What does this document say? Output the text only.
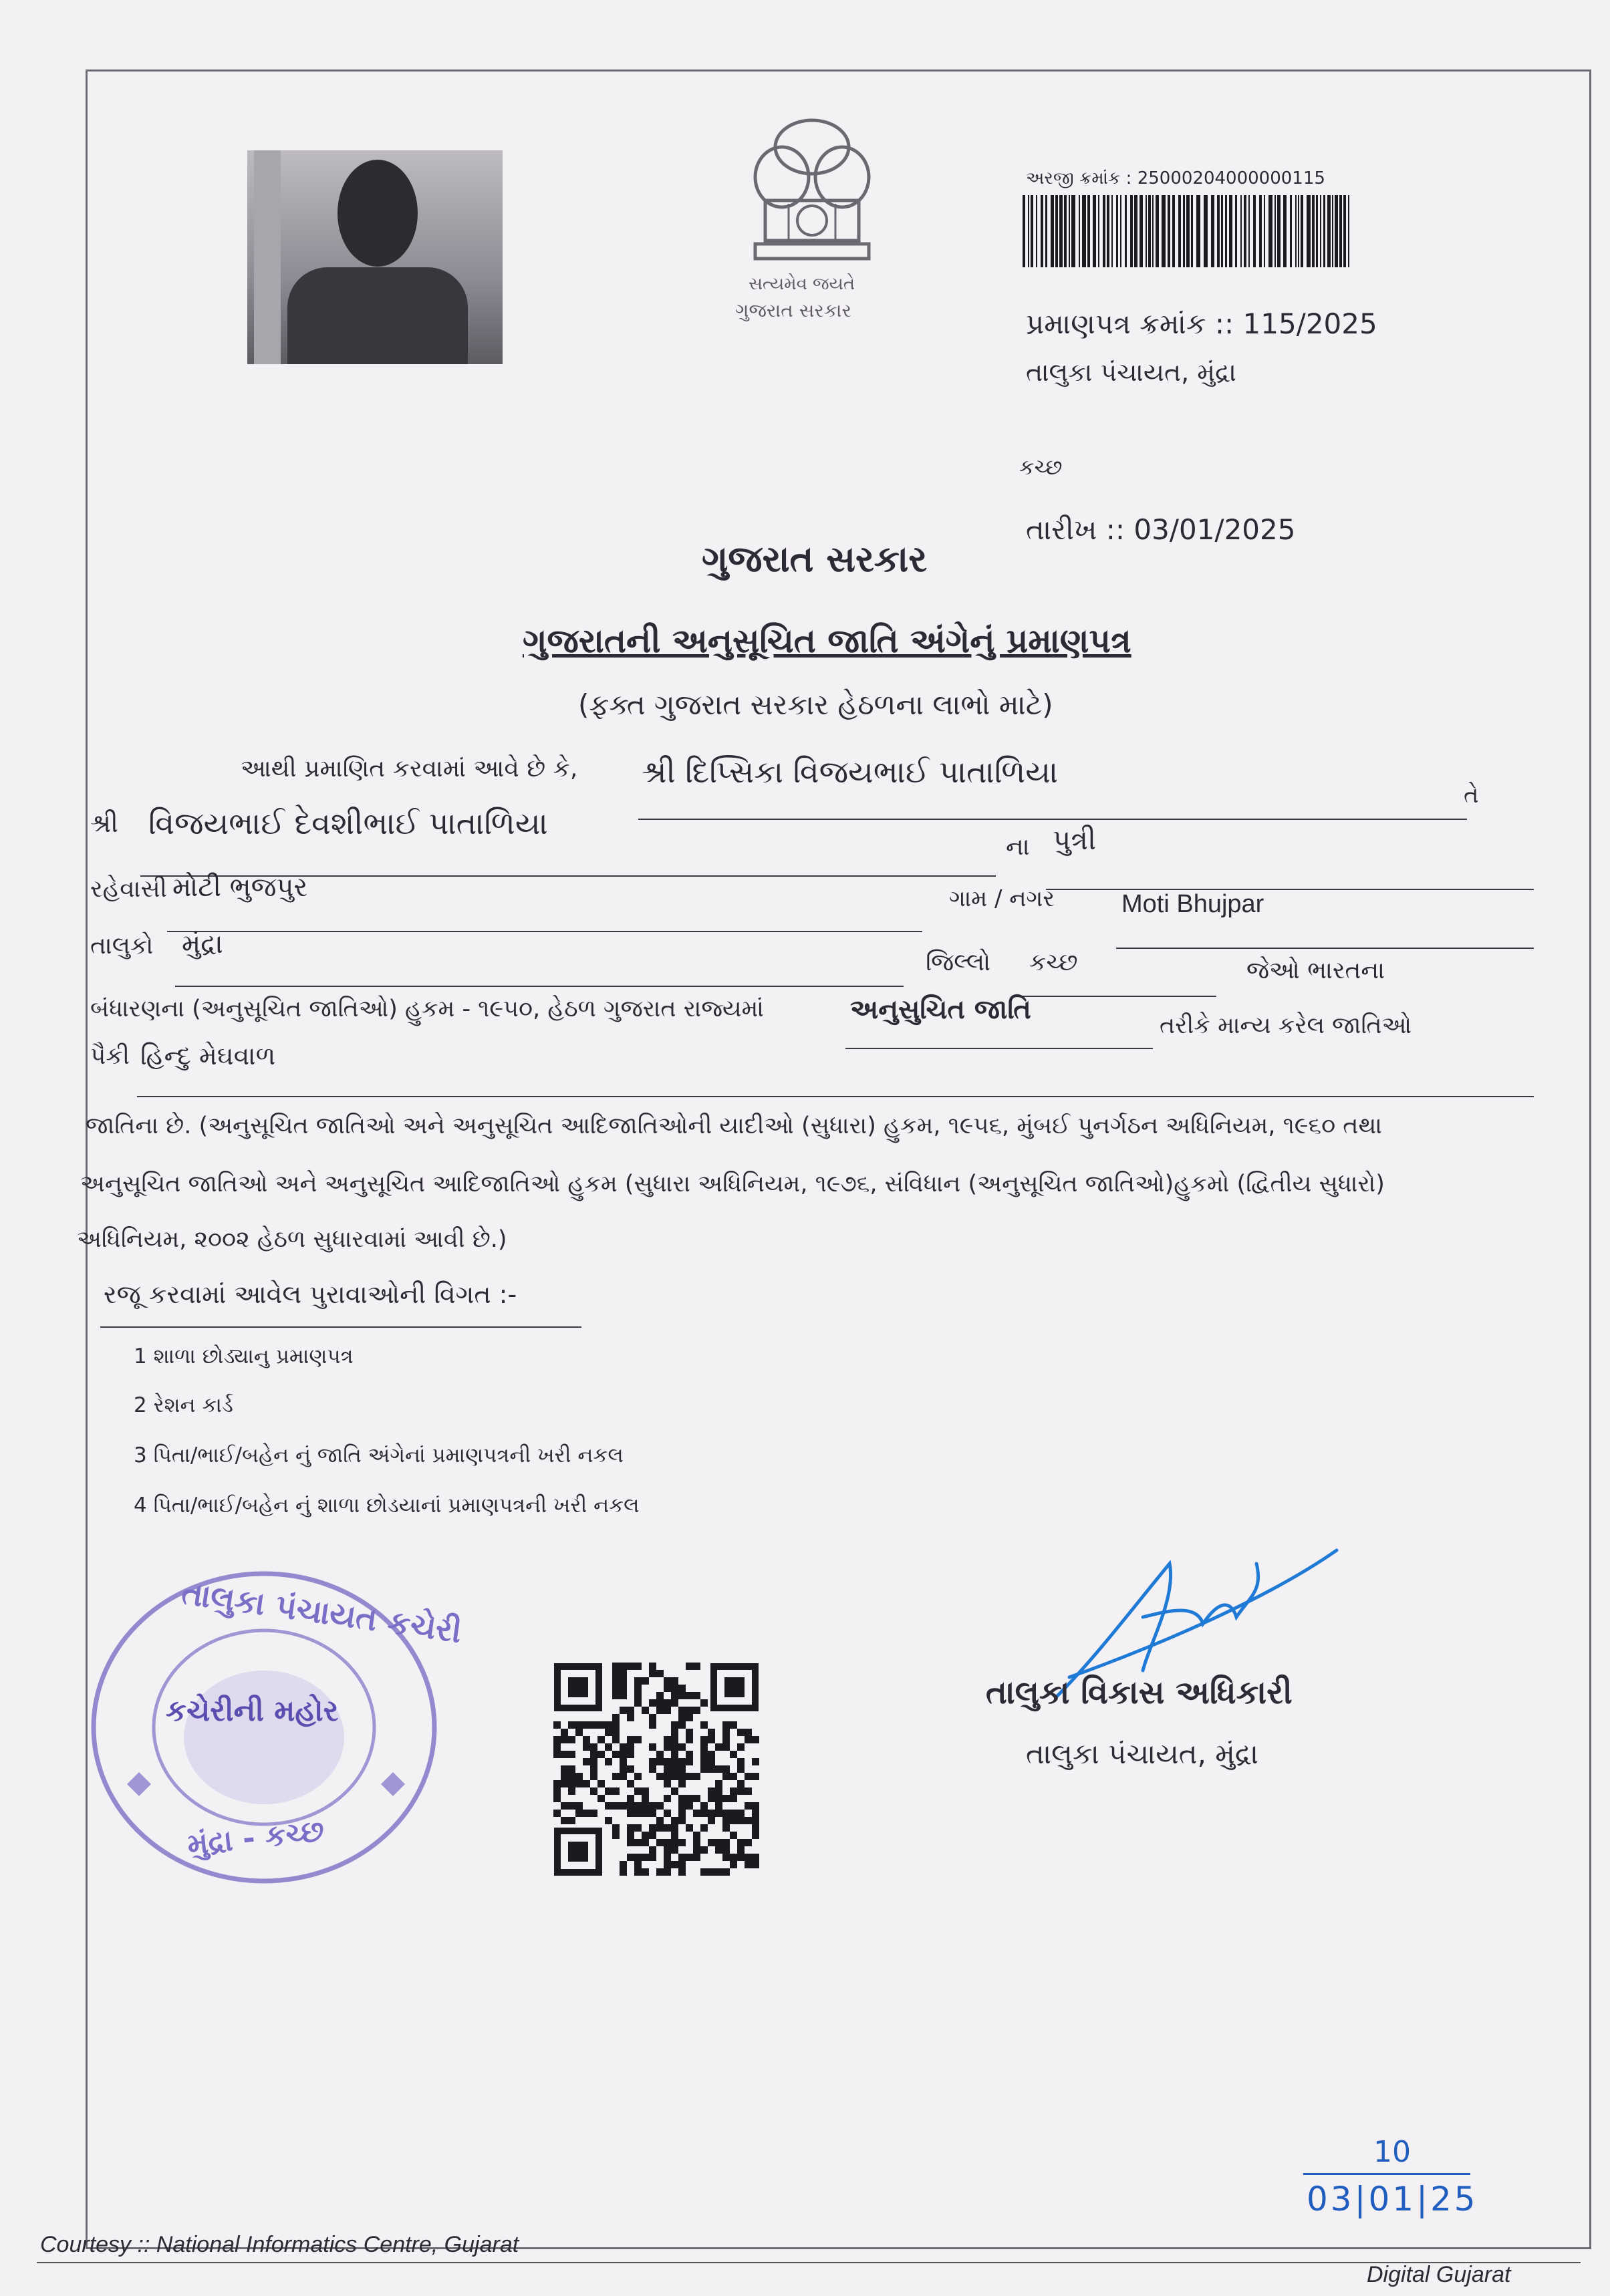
સત્યમેવ જયતે
ગુજરાત સરકાર
અરજી ક્રમાંક : 25000204000000115
પ્રમાણપત્ર ક્રમાંક :: 115/2025
તાલુકા પંચાયત, મુંદ્રા
કચ્છ
તારીખ :: 03/01/2025
ગુજરાત સરકાર
ગુજરાતની અનુસૂચિત જાતિ અંગેનું પ્રમાણપત્ર
(ફક્ત ગુજરાત સરકાર હેઠળના લાભો માટે)
આથી પ્રમાણિત કરવામાં આવે છે કે, શ્રી દિપ્સિકા વિજયભાઈ પાતાળિયા
તે
શ્રી વિજયભાઈ દેવશીભાઈ પાતાળિયા
ના પુત્રી
રહેવાસી મોટી ભુજપુર	ગામ / નગર	Moti Bhujpar
તાલુકો મુંદ્રા
જિલ્લો કચ્છ	જેઓ ભારતના
બંધારણના (અનુસૂચિત જાતિઓ) હુકમ - ૧૯૫૦, હેઠળ ગુજરાત રાજ્યમાં	અનુસુચિત જાતિ
તરીકે માન્ય કરેલ જાતિઓ
પૈકી હિન્દુ મેઘવાળ
જાતિના છે. (અનુસૂચિત જાતિઓ અને અનુસૂચિત આદિજાતિઓની યાદીઓ (સુધારા) હુકમ, ૧૯૫૬, મુંબઈ પુનર્ગઠન અધિનિયમ, ૧૯૬૦ તથા
અનુસૂચિત જાતિઓ અને અનુસૂચિત આદિજાતિઓ હુકમ (સુધારા અધિનિયમ, ૧૯૭૬, સંવિધાન (અનુસૂચિત જાતિઓ)હુકમો (દ્વિતીય સુધારો)
અધિનિયમ, ૨૦૦૨ હેઠળ સુધારવામાં આવી છે.)
રજૂ કરવામાં આવેલ પુરાવાઓની વિગત :-
1 શાળા છોડ્યાનુ પ્રમાણપત્ર
2 રેશન કાર્ડ
3 પિતા/ભાઈ/બહેન નું જાતિ અંગેનાં પ્રમાણપત્રની ખરી નકલ
4 પિતા/ભાઈ/બહેન નું શાળા છોડયાનાં પ્રમાણપત્રની ખરી નકલ
તાલુકા પંચાયત કચેરી
કચેરીની મહોર
મુંદ્રા - કચ્છ
તાલુકા વિકાસ અધિકારી
તાલુકા પંચાયત, મુંદ્રા
10
03|01|25
Courtesy :: National Informatics Centre, Gujarat
Digital Gujarat
